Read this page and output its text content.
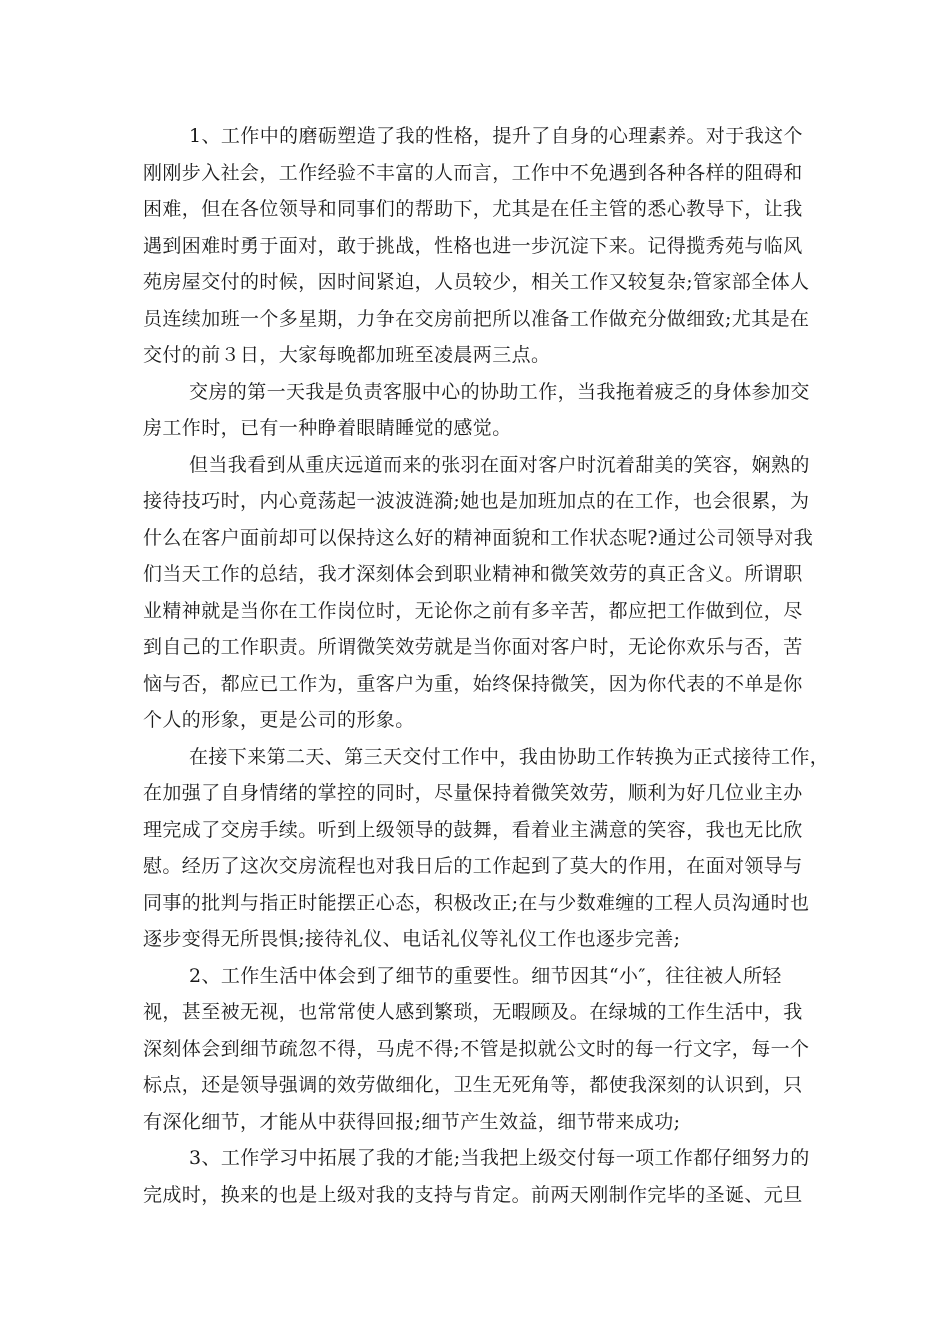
1、工作中的磨砺塑造了我的性格，提升了自身的心理素养。对于我这个
刚刚步入社会，工作经验不丰富的人而言，工作中不免遇到各种各样的阻碍和
困难，但在各位领导和同事们的帮助下，尤其是在任主管的悉心教导下，让我
遇到困难时勇于面对，敢于挑战，性格也进一步沉淀下来。记得揽秀苑与临风
苑房屋交付的时候，因时间紧迫，人员较少，相关工作又较复杂;管家部全体人
员连续加班一个多星期，力争在交房前把所以准备工作做充分做细致;尤其是在
交付的前３日，大家每晚都加班至凌晨两三点。
交房的第一天我是负责客服中心的协助工作，当我拖着疲乏的身体参加交
房工作时，已有一种睁着眼睛睡觉的感觉。
但当我看到从重庆远道而来的张羽在面对客户时沉着甜美的笑容，娴熟的
接待技巧时，内心竟荡起一波波涟漪;她也是加班加点的在工作，也会很累，为
什么在客户面前却可以保持这么好的精神面貌和工作状态呢?通过公司领导对我
们当天工作的总结，我才深刻体会到职业精神和微笑效劳的真正含义。所谓职
业精神就是当你在工作岗位时，无论你之前有多辛苦，都应把工作做到位，尽
到自己的工作职责。所谓微笑效劳就是当你面对客户时，无论你欢乐与否，苦
恼与否，都应已工作为，重客户为重，始终保持微笑，因为你代表的不单是你
个人的形象，更是公司的形象。
在接下来第二天、第三天交付工作中，我由协助工作转换为正式接待工作，
在加强了自身情绪的掌控的同时，尽量保持着微笑效劳，顺利为好几位业主办
理完成了交房手续。听到上级领导的鼓舞，看着业主满意的笑容，我也无比欣
慰。经历了这次交房流程也对我日后的工作起到了莫大的作用，在面对领导与
同事的批判与指正时能摆正心态，积极改正;在与少数难缠的工程人员沟通时也
逐步变得无所畏惧;接待礼仪、电话礼仪等礼仪工作也逐步完善;
2、工作生活中体会到了细节的重要性。细节因其“小″，往往被人所轻
视，甚至被无视，也常常使人感到繁琐，无暇顾及。在绿城的工作生活中，我
深刻体会到细节疏忽不得，马虎不得;不管是拟就公文时的每一行文字，每一个
标点，还是领导强调的效劳做细化，卫生无死角等，都使我深刻的认识到，只
有深化细节，才能从中获得回报;细节产生效益，细节带来成功;
3、工作学习中拓展了我的才能;当我把上级交付每一项工作都仔细努力的
完成时，换来的也是上级对我的支持与肯定。前两天刚制作完毕的圣诞、元旦
